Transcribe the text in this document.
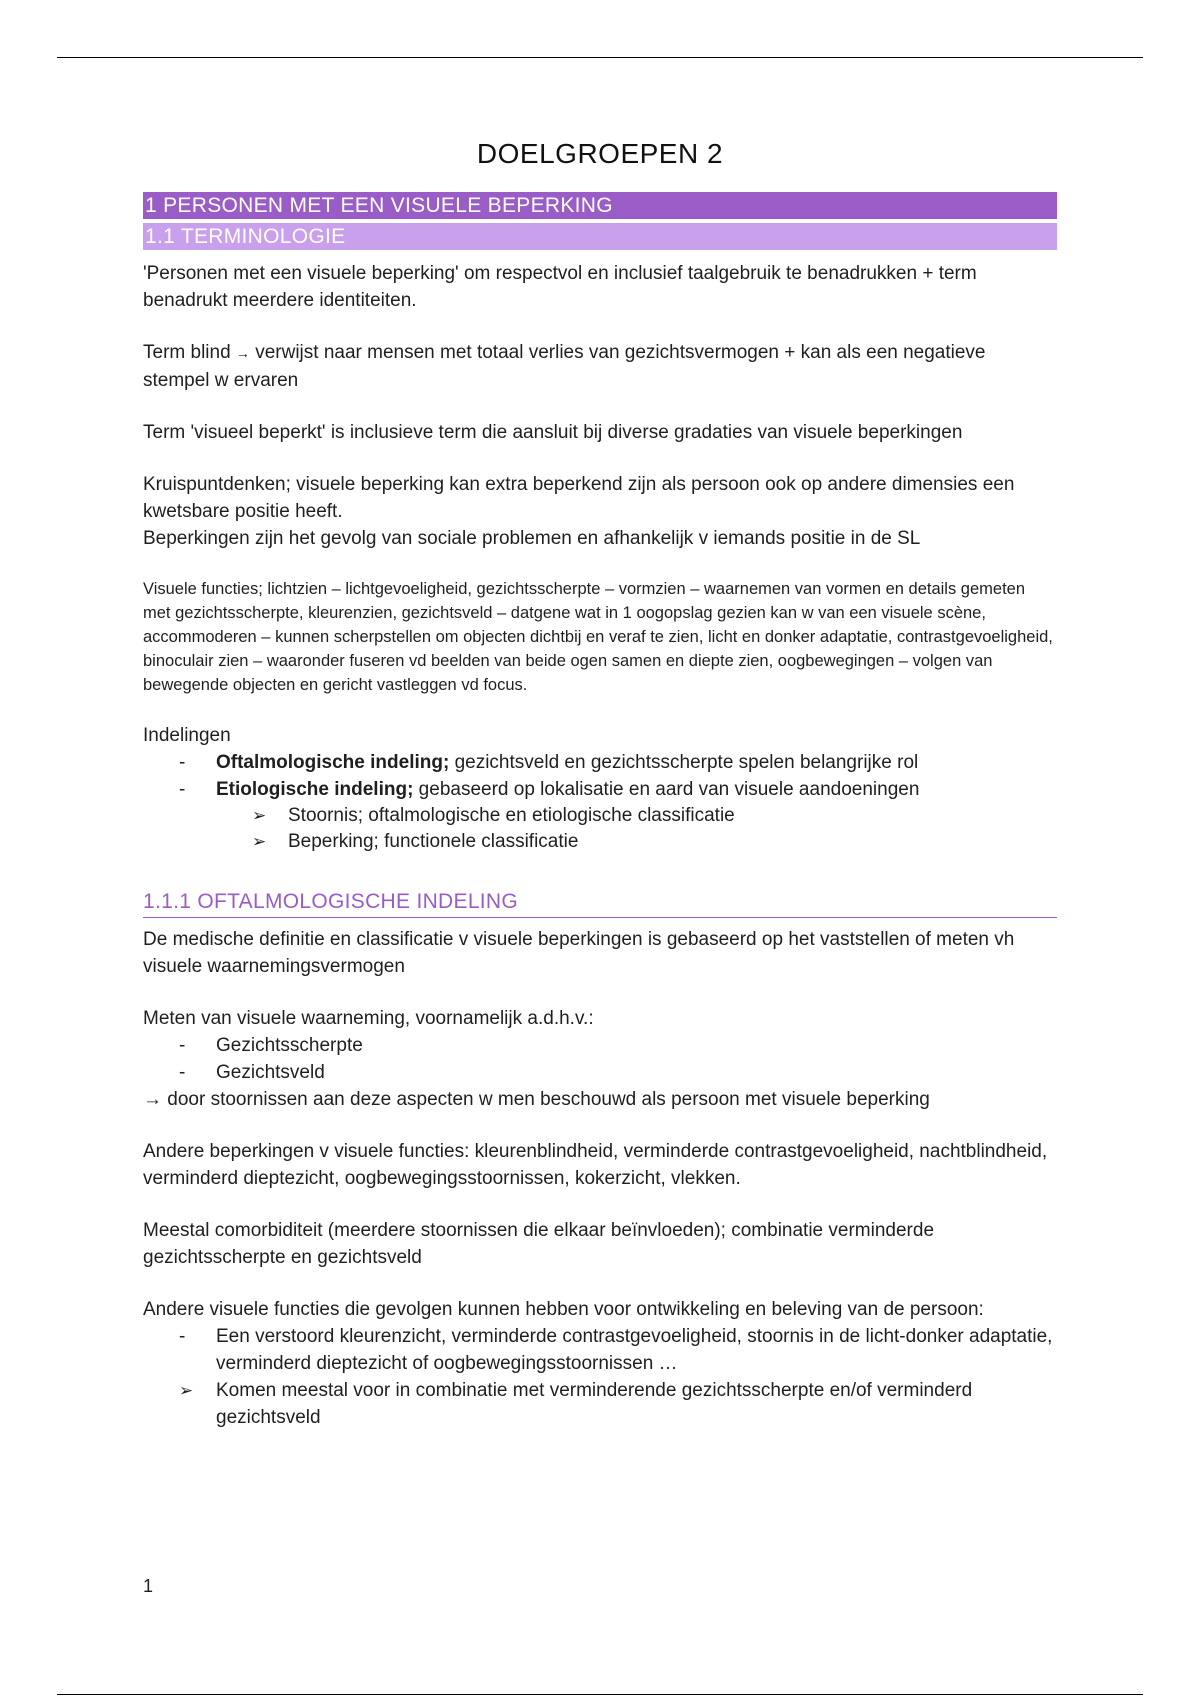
DOELGROEPEN 2
1 PERSONEN MET EEN VISUELE BEPERKING
1.1 TERMINOLOGIE

'Personen met een visuele beperking' om respectvol en inclusief taalgebruik te benadrukken + term benadrukt meerdere identiteiten.

Term blind → verwijst naar mensen met totaal verlies van gezichtsvermogen + kan als een negatieve stempel w ervaren

Term 'visueel beperkt' is inclusieve term die aansluit bij diverse gradaties van visuele beperkingen

Kruispuntdenken; visuele beperking kan extra beperkend zijn als persoon ook op andere dimensies een kwetsbare positie heeft.

Beperkingen zijn het gevolg van sociale problemen en afhankelijk v iemands positie in de SL

Visuele functies; lichtzien – lichtgevoeligheid, gezichtsscherpte – vormzien – waarnemen van vormen en details gemeten met gezichtsscherpte, kleurenzien, gezichtsveld – datgene wat in 1 oogopslag gezien kan w van een visuele scène, accommoderen – kunnen scherpstellen om objecten dichtbij en veraf te zien, licht en donker adaptatie, contrastgevoeligheid, binoculair zien – waaronder fuseren vd beelden van beide ogen samen en diepte zien, oogbewegingen – volgen van bewegende objecten en gericht vastleggen vd focus.

Indelingen

- Oftalmologische indeling; gezichtsveld en gezichtsscherpte spelen belangrijke rol
- Etiologische indeling; gebaseerd op lokalisatie en aard van visuele aandoeningen
➢ Stoornis; oftalmologische en etiologische classificatie
➢ Beperking; functionele classificatie
1.1.1 OFTALMOLOGISCHE INDELING

De medische definitie en classificatie v visuele beperkingen is gebaseerd op het vaststellen of meten vh visuele waarnemingsvermogen

Meten van visuele waarneming, voornamelijk a.d.h.v.:

- Gezichtsscherpte
- Gezichtsveld

→ door stoornissen aan deze aspecten w men beschouwd als persoon met visuele beperking

Andere beperkingen v visuele functies: kleurenblindheid, verminderde contrastgevoeligheid, nachtblindheid, verminderd dieptezicht, oogbewegingsstoornissen, kokerzicht, vlekken.

Meestal comorbiditeit (meerdere stoornissen die elkaar beïnvloeden); combinatie verminderde gezichtsscherpte en gezichtsveld

Andere visuele functies die gevolgen kunnen hebben voor ontwikkeling en beleving van de persoon:

- Een verstoord kleurenzicht, verminderde contrastgevoeligheid, stoornis in de licht-donker adaptatie, verminderd dieptezicht of oogbewegingsstoornissen …
➢ Komen meestal voor in combinatie met verminderende gezichtsscherpte en/of verminderd gezichtsveld
1
